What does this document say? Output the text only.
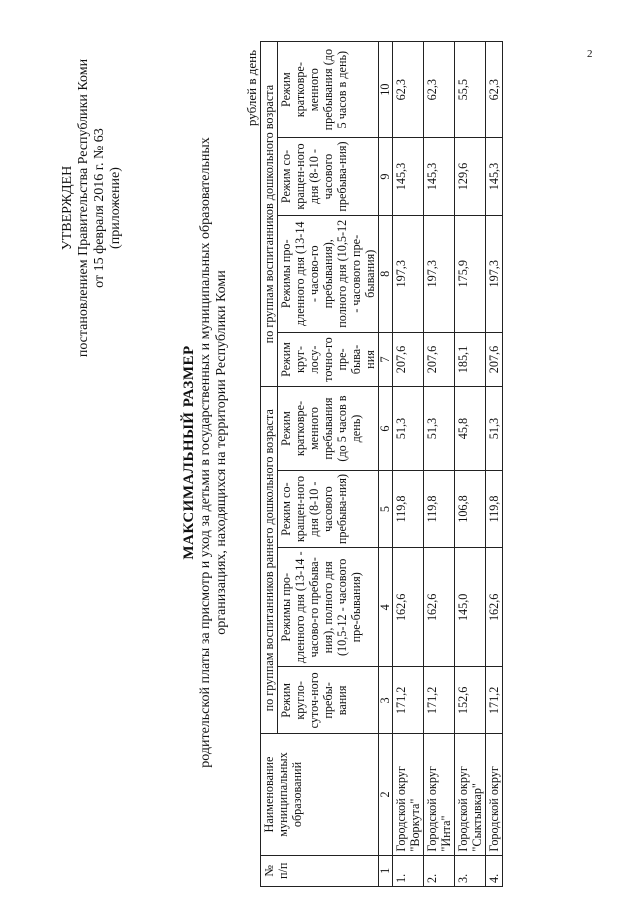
2
УТВЕРЖДЕН постановлением Правительства Республики Коми от 15 февраля 2016 г. № 63 (приложение)
МАКСИМАЛЬНЫЙ РАЗМЕР родительской платы за присмотр и уход за детьми в государственных и муниципальных образовательных организациях, находящихся на территории Республики Коми
рублей в день
№ п/п	Наименование муниципальных образований	по группам воспитанников раннего дошкольного возраста				по группам воспитанников дошкольного возраста			
		Режим кругло-суточ-ного пребы-вания	Режимы про-дленного дня (13-14 - часово-го пребыва-ния), полного дня (10,5-12 - часового пре-бывания)	Режим со-кращен-ного дня (8-10 - часового пребыва-ния)	Режим кратковре-менного пребывания (до 5 часов в день)	Режим круг-лосу-точно-го пре-быва-ния	Режимы про-дленного дня (13-14 - часово-го пребывания), полного дня (10,5-12 - часового пре-бывания)	Режим со-кращен-ного дня (8-10 - часового пребыва-ния)	Режим кратковре-менного пребывания (до 5 часов в день)
1	2	3	4	5	6	7	8	9	10
1.	Городской округ "Воркута"	171,2	162,6	119,8	51,3	207,6	197,3	145,3	62,3
2.	Городской округ "Инта"	171,2	162,6	119,8	51,3	207,6	197,3	145,3	62,3
3.	Городской округ "Сыктывкар"	152,6	145,0	106,8	45,8	185,1	175,9	129,6	55,5
4.	Городской округ	171,2	162,6	119,8	51,3	207,6	197,3	145,3	62,3
